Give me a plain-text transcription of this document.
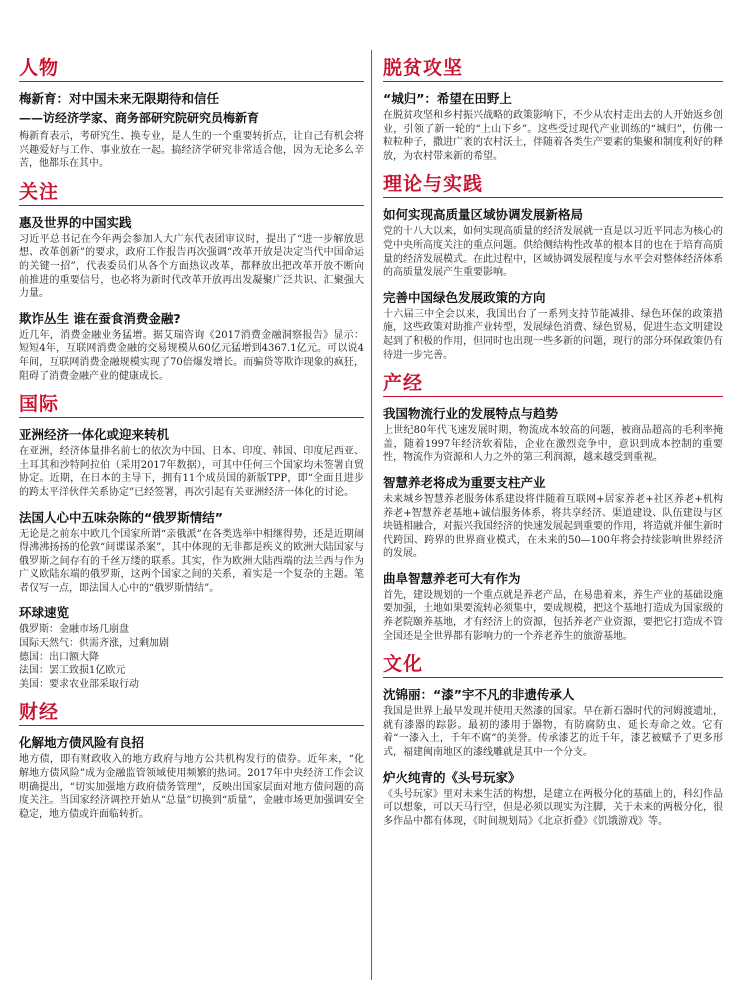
人物
梅新育：对中国未来无限期待和信任
——访经济学家、商务部研究院研究员梅新育

梅新育表示，考研究生、换专业，是人生的一个重要转折点，让自己有机会将兴趣爱好与工作、事业放在一起。搞经济学研究非常适合他，因为无论多么辛苦，他都乐在其中。

关注
惠及世界的中国实践

习近平总书记在今年两会参加人大广东代表团审议时，提出了“进一步解放思想、改革创新”的要求，政府工作报告再次强调“改革开放是决定当代中国命运的关键一招”，代表委员们从各个方面热议改革，都释放出把改革开放不断向前推进的重要信号，也必将为新时代改革开放再出发凝聚广泛共识、汇聚强大力量。

欺诈丛生 谁在蚕食消费金融?

近几年，消费金融业务猛增。据艾瑞咨询《2017消费金融洞察报告》显示：短短4年，互联网消费金融的交易规模从60亿元猛增到4367.1亿元。可以说4年间，互联网消费金融规模实现了70倍爆发增长。而骗贷等欺诈现象的疯狂，阻碍了消费金融产业的健康成长。

国际
亚洲经济一体化或迎来转机

在亚洲，经济体量排名前七的依次为中国、日本、印度、韩国、印度尼西亚、土耳其和沙特阿拉伯（采用2017年数据），可其中任何三个国家均未签署自贸协定。近期，在日本的主导下，拥有11个成员国的新版TPP，即“全面且进步的跨太平洋伙伴关系协定”已经签署，再次引起有关亚洲经济一体化的讨论。

法国人心中五味杂陈的“俄罗斯情结”

无论是之前东中欧几个国家所谓“亲俄派”在各类选举中相继得势，还是近期闹得沸沸扬扬的伦敦“间谍谋杀案”，其中体现的无非都是疾义的欧洲大陆国家与俄罗斯之间存有的千丝万缕的联系。其实，作为欧洲大陆西端的法兰西与作为广义欧陆东端的俄罗斯，这两个国家之间的关系，着实是一个复杂的主题。笔者仅写一点，即法国人心中的“俄罗斯情结”。

环球速览
俄罗斯：金融市场几崩盘
国际天然气：供需齐涨，过剩加剧
德国：出口额大降
法国：罢工致损1亿欧元
美国：要求农业部采取行动
财经
化解地方债风险有良招

地方债，即有财政收入的地方政府与地方公共机构发行的债券。近年来，“化解地方债风险”成为金融监管领域使用频繁的热词。2017年中央经济工作会议明确提出，“切实加强地方政府债务管理”，反映出国家层面对地方债问题的高度关注。当国家经济调控开始从“总量”切换到“质量”，金融市场更加强调安全稳定，地方债或许面临转折。

脱贫攻坚
“城归”：希望在田野上

在脱贫攻坚和乡村振兴战略的政策影响下，不少从农村走出去的人开始返乡创业，引领了新一轮的“上山下乡”。这些受过现代产业训练的“城归”，仿佛一粒粒种子，撒进广袤的农村沃土，伴随着各类生产要素的集聚和制度利好的释放，为农村带来新的希望。

理论与实践
如何实现高质量区域协调发展新格局

党的十八大以来，如何实现高质量的经济发展就一直是以习近平同志为核心的党中央所高度关注的重点问题。供给侧结构性改革的根本目的也在于培育高质量的经济发展模式。在此过程中，区域协调发展程度与水平会对整体经济体系的高质量发展产生重要影响。

完善中国绿色发展政策的方向

十六届三中全会以来，我国出台了一系列支持节能减排、绿色环保的政策措施，这些政策对助推产业转型，发展绿色消费、绿色贸易，促进生态文明建设起到了积极的作用，但同时也出现一些多新的问题，现行的部分环保政策仍有待进一步完善。

产经
我国物流行业的发展特点与趋势

上世纪80年代飞速发展时期，物流成本较高的问题，被商品超高的毛利率掩盖，随着1997年经济软着陆，企业在激烈竞争中，意识到成本控制的重要性，物流作为资源和人力之外的第三利润源，越来越受到重视。

智慧养老将成为重要支柱产业

未来城乡智慧养老服务体系建设将伴随着互联网+居家养老+社区养老+机构养老+智慧养老基地+诚信服务体系，将共享经济、渠道建设、队伍建设与区块链相融合，对振兴我国经济的快速发展起到重要的作用，将造就并催生新时代跨国、跨界的世界商业模式，在未来的50—100年将会持续影响世界经济的发展。

曲阜智慧养老可大有作为

首先，建设规划的一个重点就是养老产品，在易患着来，养生产业的基础设施要加强，土地如果要流转必须集中，要成规模，把这个基地打造成为国家级的养老院颐养基地，才有经济上的资源，包括养老产业资源，要把它打造成不管全国还是全世界都有影响力的一个养老养生的旅游基地。

文化
沈锦丽：“漆”宇不凡的非遗传承人

我国是世界上最早发现并使用天然漆的国家。早在新石器时代的河姆渡遗址，就有漆器的踪影。最初的漆用于器物，有防腐防虫、延长寿命之效。它有着“一漆入土，千年不腐”的美誉。传承漆艺的近千年，漆艺被赋予了更多形式，福建闽南地区的漆线雕就是其中一个分支。

炉火纯青的《头号玩家》

《头号玩家》里对未来生活的构想，是建立在两极分化的基础上的，科幻作品可以想象，可以天马行空，但是必须以现实为注脚，关于未来的两极分化，很多作品中都有体现，《时间规划局》《北京折叠》《饥饿游戏》等。
